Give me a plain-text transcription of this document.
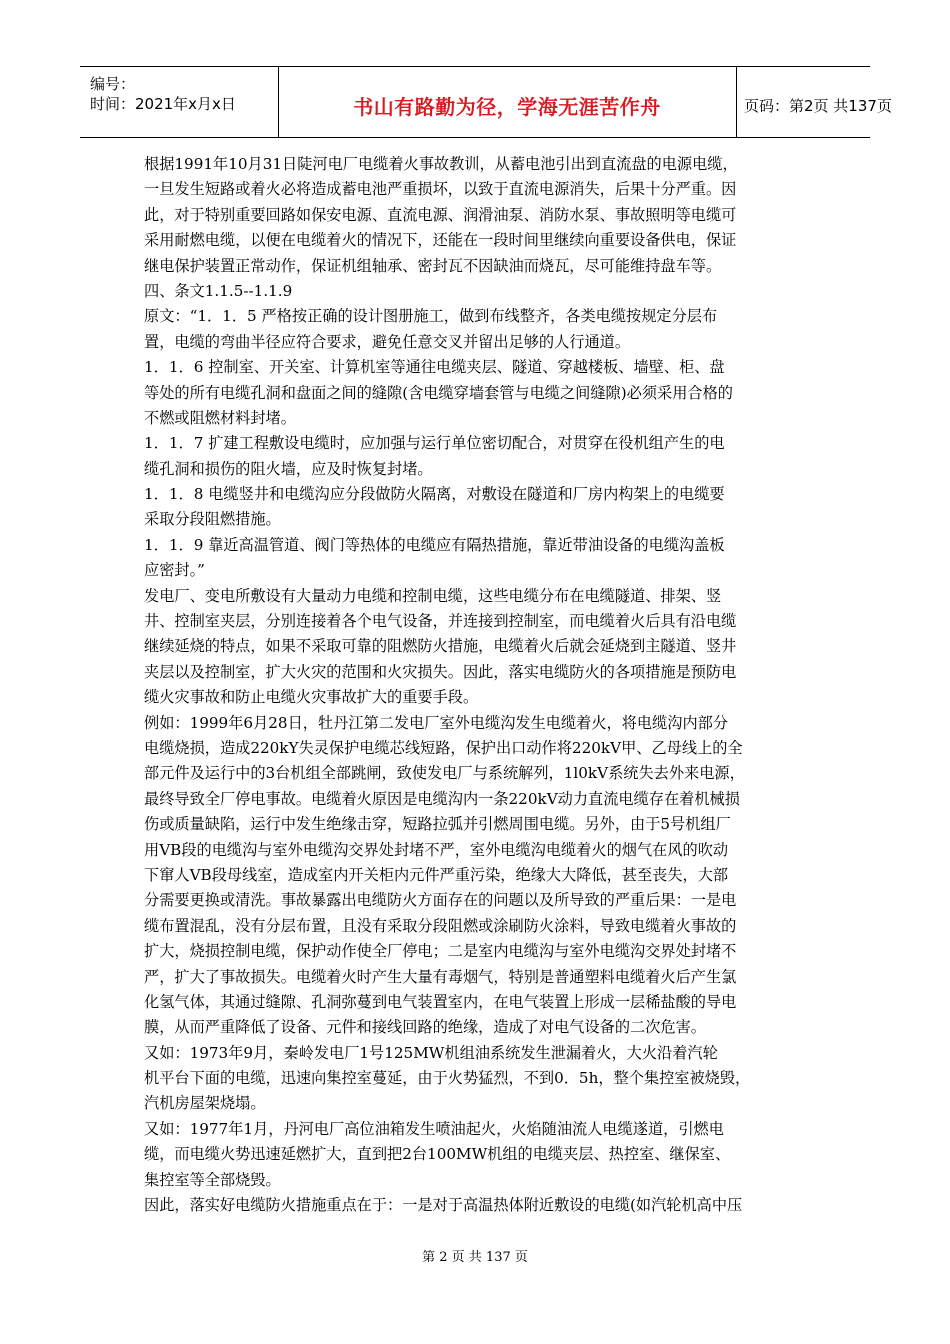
编号：
时间：2021年x月x日	书山有路勤为径，学海无涯苦作舟	页码：第2页 共137页
根据1991年10月31日陡河电厂电缆着火事故教训，从蓄电池引出到直流盘的电源电缆，
一旦发生短路或着火必将造成蓄电池严重损坏，以致于直流电源消失，后果十分严重。因
此，对于特别重要回路如保安电源、直流电源、润滑油泵、消防水泵、事故照明等电缆可
采用耐燃电缆，以便在电缆着火的情况下，还能在一段时间里继续向重要设备供电，保证
继电保护装置正常动作，保证机组轴承、密封瓦不因缺油而烧瓦，尽可能维持盘车等。
四、条文1.1.5--1.1.9
原文：“1．1．5 严格按正确的设计图册施工，做到布线整齐，各类电缆按规定分层布
置，电缆的弯曲半径应符合要求，避免任意交叉并留出足够的人行通道。
1．1．6 控制室、开关室、计算机室等通往电缆夹层、隧道、穿越楼板、墙壁、柜、盘
等处的所有电缆孔洞和盘面之间的缝隙(含电缆穿墙套管与电缆之间缝隙)必须采用合格的
不燃或阻燃材料封堵。
1．1．7 扩建工程敷设电缆时，应加强与运行单位密切配合，对贯穿在役机组产生的电
缆孔洞和损伤的阻火墙，应及时恢复封堵。
1．1．8 电缆竖井和电缆沟应分段做防火隔离，对敷设在隧道和厂房内构架上的电缆要
采取分段阻燃措施。
1．1．9 靠近高温管道、阀门等热体的电缆应有隔热措施，靠近带油设备的电缆沟盖板
应密封。”
发电厂、变电所敷设有大量动力电缆和控制电缆，这些电缆分布在电缆隧道、排架、竖
井、控制室夹层，分别连接着各个电气设备，并连接到控制室，而电缆着火后具有沿电缆
继续延烧的特点，如果不采取可靠的阻燃防火措施，电缆着火后就会延烧到主隧道、竖井
夹层以及控制室，扩大火灾的范围和火灾损失。因此，落实电缆防火的各项措施是预防电
缆火灾事故和防止电缆火灾事故扩大的重要手段。
例如：1999年6月28日，牡丹江第二发电厂室外电缆沟发生电缆着火，将电缆沟内部分
电缆烧损，造成220kY失灵保护电缆芯线短路，保护出口动作将220kV甲、乙母线上的全
部元件及运行中的3台机组全部跳闸，致使发电厂与系统解列，1l0kV系统失去外来电源，
最终导致全厂停电事故。电缆着火原因是电缆沟内一条220kV动力直流电缆存在着机械损
伤或质量缺陷，运行中发生绝缘击穿，短路拉弧并引燃周围电缆。另外，由于5号机组厂
用VB段的电缆沟与室外电缆沟交界处封堵不严，室外电缆沟电缆着火的烟气在风的吹动
下窜人VB段母线室，造成室内开关柜内元件严重污染，绝缘大大降低，甚至丧失，大部
分需要更换或清洗。事故暴露出电缆防火方面存在的问题以及所导致的严重后果：一是电
缆布置混乱，没有分层布置，且没有采取分段阻燃或涂刷防火涂料，导致电缆着火事故的
扩大，烧损控制电缆，保护动作使全厂停电；二是室内电缆沟与室外电缆沟交界处封堵不
严，扩大了事故损失。电缆着火时产生大量有毒烟气，特别是普通塑料电缆着火后产生氯
化氢气体，其通过缝隙、孔洞弥蔓到电气装置室内，在电气装置上形成一层稀盐酸的导电
膜，从而严重降低了设备、元件和接线回路的绝缘，造成了对电气设备的二次危害。
又如：1973年9月，秦岭发电厂1号125MW机组油系统发生泄漏着火，大火沿着汽轮
机平台下面的电缆，迅速向集控室蔓延，由于火势猛烈，不到0．5h，整个集控室被烧毁，
汽机房屋架烧塌。
又如：1977年1月，丹河电厂高位油箱发生喷油起火，火焰随油流人电缆遂道，引燃电
缆，而电缆火势迅速延燃扩大，直到把2台100MW机组的电缆夹层、热控室、继保室、
集控室等全部烧毁。
因此，落实好电缆防火措施重点在于：一是对于高温热体附近敷设的电缆(如汽轮机高中压
第 2 页 共 137 页
